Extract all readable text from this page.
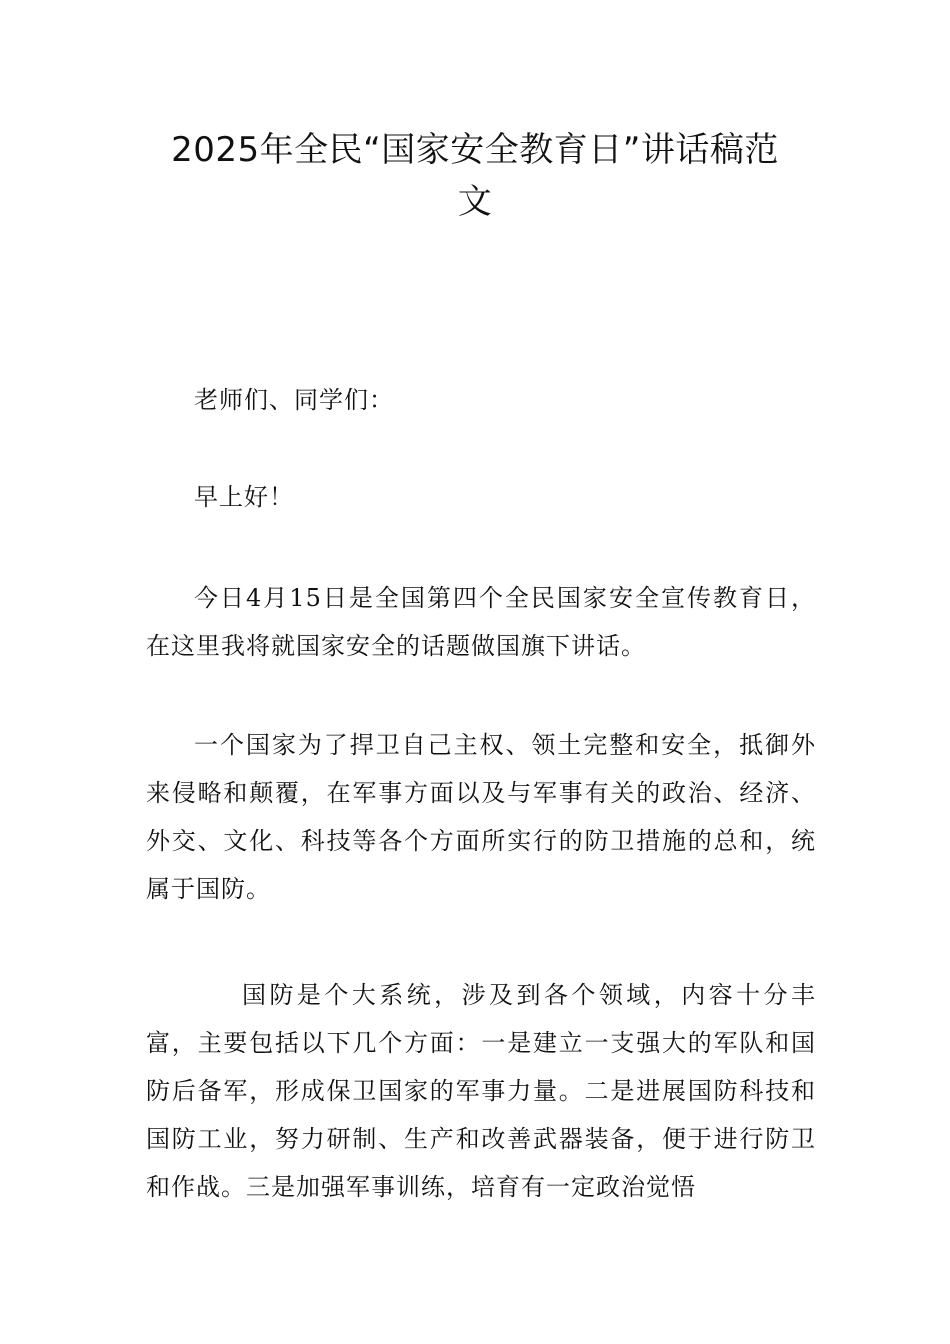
2025年全民“国家安全教育日”讲话稿范
文

老师们、同学们：

早上好！

今日4月15日是全国第四个全民国家安全宣传教育日，在这里我将就国家安全的话题做国旗下讲话。

一个国家为了捍卫自己主权、领土完整和安全，抵御外来侵略和颠覆，在军事方面以及与军事有关的政治、经济、外交、文化、科技等各个方面所实行的防卫措施的总和，统属于国防。

国防是个大系统，涉及到各个领域，内容十分丰富，主要包括以下几个方面：一是建立一支强大的军队和国防后备军，形成保卫国家的军事力量。二是进展国防科技和国防工业，努力研制、生产和改善武器装备，便于进行防卫和作战。三是加强军事训练，培育有一定政治觉悟
